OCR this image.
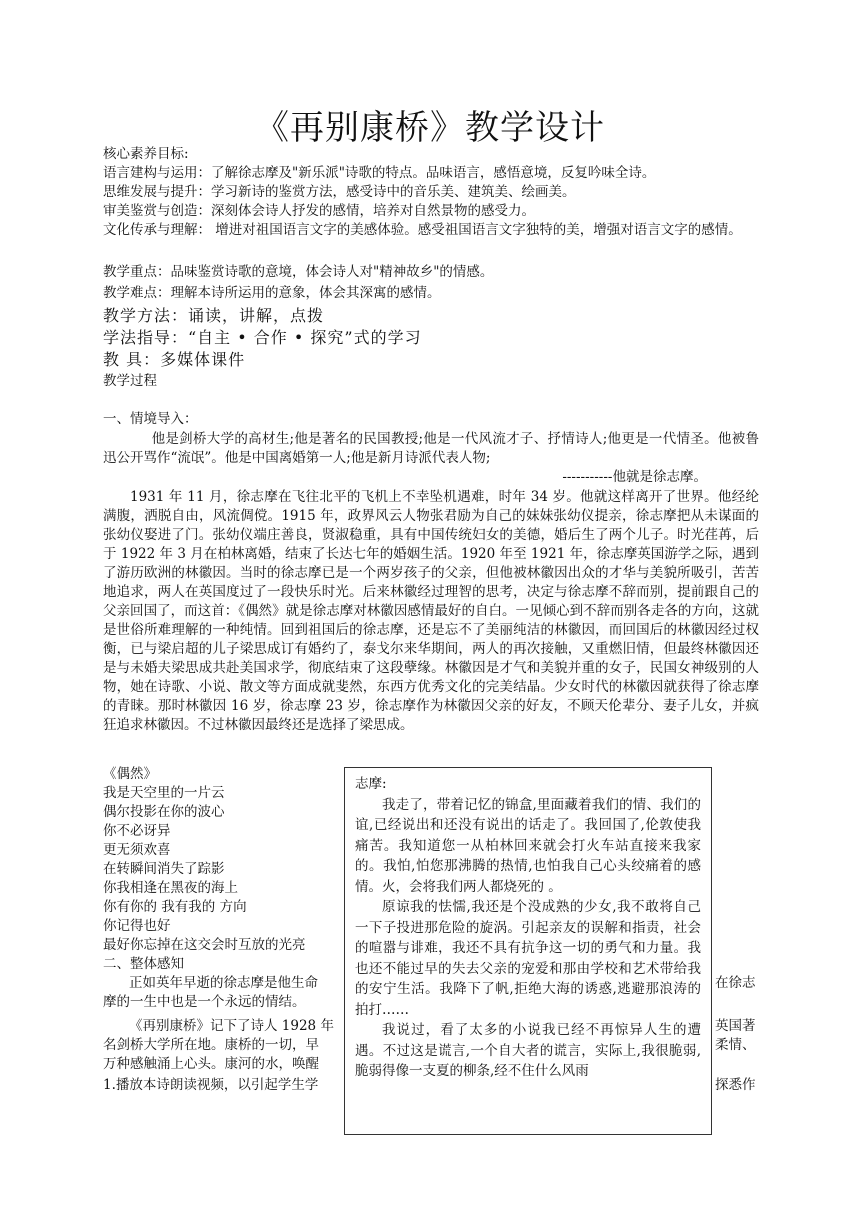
《再别康桥》教学设计
核心素养目标:
语言建构与运用：了解徐志摩及"新乐派"诗歌的特点。品味语言，感悟意境，反复吟味全诗。
思维发展与提升：学习新诗的鉴赏方法，感受诗中的音乐美、建筑美、绘画美。
审美鉴赏与创造：深刻体会诗人抒发的感情，培养对自然景物的感受力。
文化传承与理解： 增进对祖国语言文字的美感体验。感受祖国语言文字独特的美，增强对语言文字的感情。
教学重点：品味鉴赏诗歌的意境，体会诗人对"精神故乡"的情感。
教学难点：理解本诗所运用的意象，体会其深寓的感情。
教学方法：诵读，讲解，点拨
学法指导：“自主 • 合作 • 探究”式的学习
教 具：多媒体课件
教学过程
一、情境导入：
他是剑桥大学的高材生;他是著名的民国教授;他是一代风流才子、抒情诗人;他更是一代情圣。他被鲁迅公开骂作“流氓”。他是中国离婚第一人;他是新月诗派代表人物;
-----------他就是徐志摩。
1931 年 11 月，徐志摩在飞往北平的飞机上不幸坠机遇难，时年 34 岁。他就这样离开了世界。他经纶满腹，洒脱自由，风流倜傥。1915 年，政界风云人物张君励为自己的妹妹张幼仪提亲，徐志摩把从未谋面的张幼仪娶进了门。张幼仪端庄善良，贤淑稳重，具有中国传统妇女的美德，婚后生了两个儿子。时光荏苒，后于 1922 年 3 月在柏林离婚，结束了长达七年的婚姻生活。1920 年至 1921 年，徐志摩英国游学之际，遇到了游历欧洲的林徽因。当时的徐志摩已是一个两岁孩子的父亲，但他被林徽因出众的才华与美貌所吸引，苦苦地追求，两人在英国度过了一段快乐时光。后来林徽经过理智的思考，决定与徐志摩不辞而别，提前跟自己的父亲回国了，而这首：《偶然》就是徐志摩对林徽因感情最好的自白。一见倾心到不辞而别各走各的方向，这就是世俗所难理解的一种纯情。回到祖国后的徐志摩，还是忘不了美丽纯洁的林徽因，而回国后的林徽因经过权衡，已与梁启超的儿子梁思成订有婚约了，泰戈尔来华期间，两人的再次接触，又重燃旧情，但最终林徽因还是与未婚夫梁思成共赴美国求学，彻底结束了这段孽缘。林徽因是才气和美貌并重的女子，民国女神级别的人物，她在诗歌、小说、散文等方面成就斐然，东西方优秀文化的完美结晶。少女时代的林徽因就获得了徐志摩的青睐。那时林徽因 16 岁，徐志摩 23 岁，徐志摩作为林徽因父亲的好友，不顾天伦辈分、妻子儿女，并疯狂追求林徽因。不过林徽因最终还是选择了梁思成。
《偶然》
我是天空里的一片云
偶尔投影在你的波心
你不必讶异
更无须欢喜
在转瞬间消失了踪影
你我相逢在黑夜的海上
你有你的 我有我的 方向
你记得也好
最好你忘掉在这交会时互放的光亮
二、整体感知
正如英年早逝的徐志摩是他生命	在徐志
摩的一生中也是一个永远的情结。
《再别康桥》记下了诗人 1928 年	英国著
名剑桥大学所在地。康桥的一切，早	柔情、
万种感触涌上心头。康河的水，唤醒
1.播放本诗朗读视频，以引起学生学	探悉作

志摩:

我走了，带着记忆的锦盒,里面藏着我们的情、我们的谊,已经说出和还没有说出的话走了。我回国了,伦敦使我痛苦。我知道您一从柏林回来就会打火车站直接来我家的。我怕,怕您那沸腾的热情,也怕我自己心头绞痛着的感情。火，会将我们两人都烧死的 。

原谅我的怯懦,我还是个没成熟的少女,我不敢将自己一下子投进那危险的旋涡。引起亲友的误解和指责，社会的喧嚣与诽难，我还不具有抗争这一切的勇气和力量。我也还不能过早的失去父亲的宠爱和那由学校和艺术带给我的安宁生活。我降下了帆,拒绝大海的诱惑,逃避那浪涛的拍打……

我说过，看了太多的小说我已经不再惊异人生的遭遇。不过这是谎言,一个自大者的谎言，实际上,我很脆弱,脆弱得像一支夏的柳条,经不住什么风雨
